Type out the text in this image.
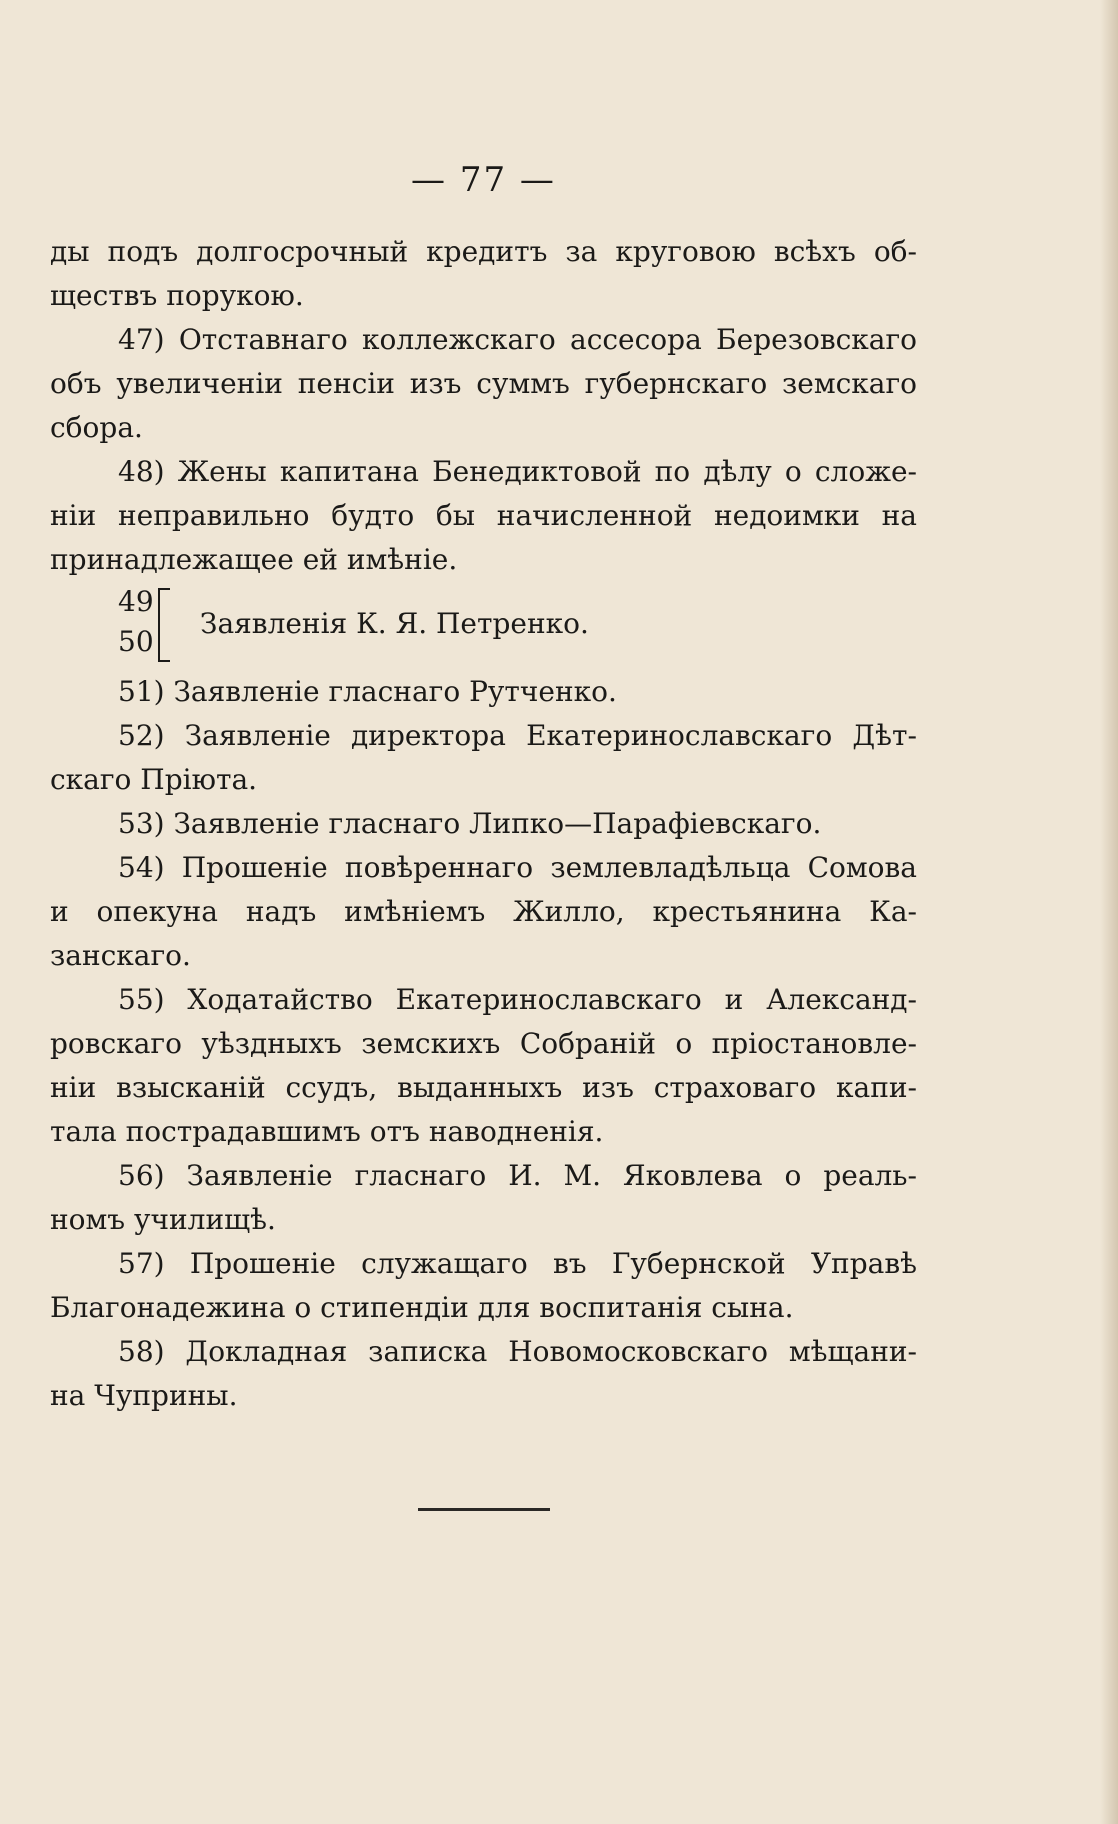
— 77 —
ды подъ долгосрочный кредитъ за круговою всѣхъ об-
ществъ порукою.
47) Отставнаго коллежскаго ассесора Березовскаго
объ увеличеніи пенсіи изъ суммъ губернскаго земскаго
сбора.
48) Жены капитана Бенедиктовой по дѣлу о сложе-
ніи неправильно будто бы начисленной недоимки на
принадлежащее ей имѣніе.
49
50
Заявленія К. Я. Петренко.
51) Заявленіе гласнаго Рутченко.
52) Заявленіе директора Екатеринославскаго Дѣт-
скаго Пріюта.
53) Заявленіе гласнаго Липко—Парафіевскаго.
54) Прошеніе повѣреннаго землевладѣльца Сомова
и опекуна надъ имѣніемъ Жилло, крестьянина Ка-
занскаго.
55) Ходатайство Екатеринославскаго и Александ-
ровскаго уѣздныхъ земскихъ Собраній о пріостановле-
ніи взысканій ссудъ, выданныхъ изъ страховаго капи-
тала пострадавшимъ отъ наводненія.
56) Заявленіе гласнаго И. М. Яковлева о реаль-
номъ училищѣ.
57) Прошеніе служащаго въ Губернской Управѣ
Благонадежина о стипендіи для воспитанія сына.
58) Докладная записка Новомосковскаго мѣщани-
на Чуприны.
